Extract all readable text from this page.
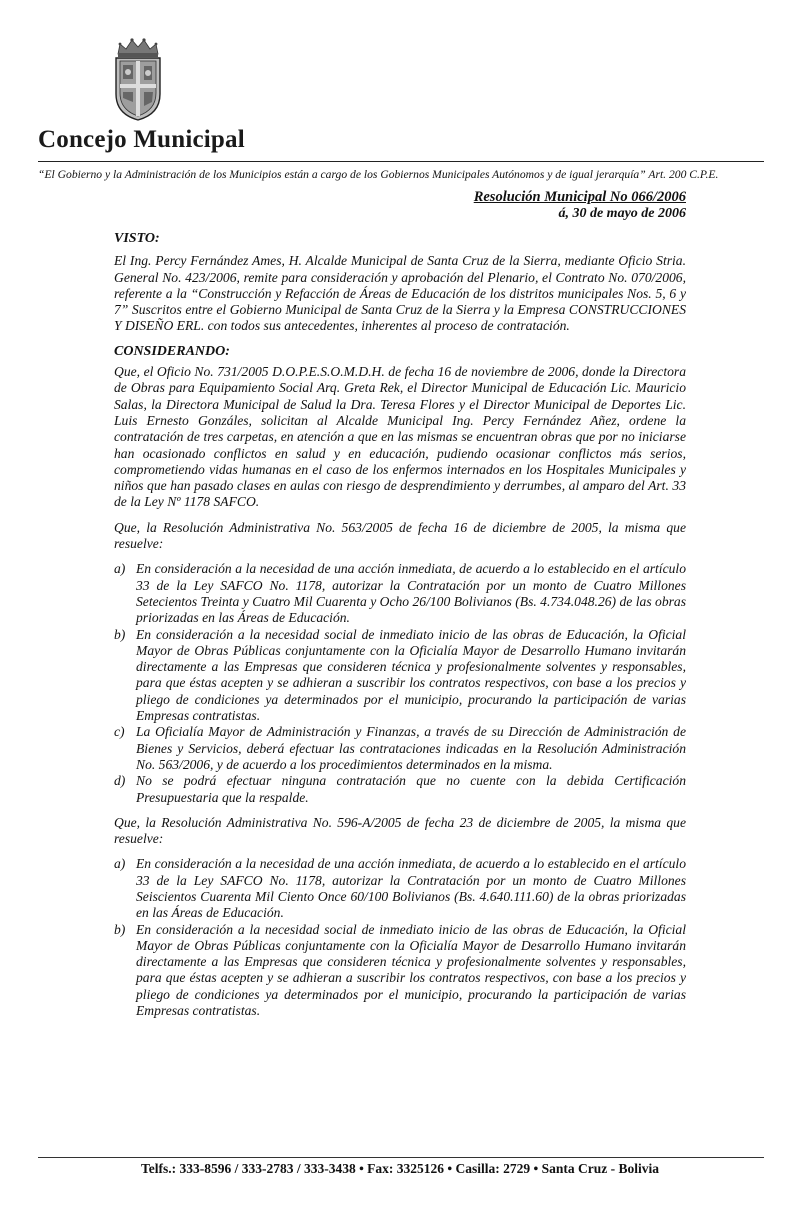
Concejo Municipal
“El Gobierno y la Administración de los Municipios están a cargo de los Gobiernos Municipales Autónomos y de igual jerarquía” Art. 200 C.P.E.
Resolución Municipal No 066/2006
á, 30 de mayo de 2006
VISTO:

El Ing. Percy Fernández Ames, H. Alcalde Municipal de Santa Cruz de la Sierra, mediante Oficio Stria. General No. 423/2006, remite para consideración y aprobación del Plenario, el Contrato No. 070/2006, referente a la “Construcción y Refacción de Áreas de Educación de los distritos municipales Nos. 5, 6 y 7” Suscritos entre el Gobierno Municipal de Santa Cruz de la Sierra y la Empresa CONSTRUCCIONES Y DISEÑO ERL. con todos sus antecedentes, inherentes al proceso de contratación.

CONSIDERANDO:

Que, el Oficio No. 731/2005 D.O.P.E.S.O.M.D.H. de fecha 16 de noviembre de 2006, donde la Directora de Obras para Equipamiento Social Arq. Greta Rek, el Director Municipal de Educación Lic. Mauricio Salas, la Directora Municipal de Salud la Dra. Teresa Flores y el Director Municipal de Deportes Lic. Luis Ernesto Gonzáles, solicitan al Alcalde Municipal Ing. Percy Fernández Añez, ordene la contratación de tres carpetas, en atención a que en las mismas se encuentran obras que por no iniciarse han ocasionado conflictos en salud y en educación, pudiendo ocasionar conflictos más serios, comprometiendo vidas humanas en el caso de los enfermos internados en los Hospitales Municipales y niños que han pasado clases en aulas con riesgo de desprendimiento y derrumbes, al amparo del Art. 33 de la Ley Nº 1178 SAFCO.

Que, la Resolución Administrativa No. 563/2005 de fecha 16 de diciembre de 2005, la misma que resuelve:

a) En consideración a la necesidad de una acción inmediata, de acuerdo a lo establecido en el artículo 33 de la Ley SAFCO No. 1178, autorizar la Contratación por un monto de Cuatro Millones Setecientos Treinta y Cuatro Mil Cuarenta y Ocho 26/100 Bolivianos (Bs. 4.734.048.26) de las obras priorizadas en las Áreas de Educación.
b) En consideración a la necesidad social de inmediato inicio de las obras de Educación, la Oficial Mayor de Obras Públicas conjuntamente con la Oficialía Mayor de Desarrollo Humano invitarán directamente a las Empresas que consideren técnica y profesionalmente solventes y responsables, para que éstas acepten y se adhieran a suscribir los contratos respectivos, con base a los precios y pliego de condiciones ya determinados por el municipio, procurando la participación de varias Empresas contratistas.
c) La Oficialía Mayor de Administración y Finanzas, a través de su Dirección de Administración de Bienes y Servicios, deberá efectuar las contrataciones indicadas en la Resolución Administración No. 563/2006, y de acuerdo a los procedimientos determinados en la misma.
d) No se podrá efectuar ninguna contratación que no cuente con la debida Certificación Presupuestaria que la respalde.

Que, la Resolución Administrativa No. 596-A/2005 de fecha 23 de diciembre de 2005, la misma que resuelve:

a) En consideración a la necesidad de una acción inmediata, de acuerdo a lo establecido en el artículo 33 de la Ley SAFCO No. 1178, autorizar la Contratación por un monto de Cuatro Millones Seiscientos Cuarenta Mil Ciento Once 60/100 Bolivianos (Bs. 4.640.111.60) de la obras priorizadas en las Áreas de Educación.
b) En consideración a la necesidad social de inmediato inicio de las obras de Educación, la Oficial Mayor de Obras Públicas conjuntamente con la Oficialía Mayor de Desarrollo Humano invitarán directamente a las Empresas que consideren técnica y profesionalmente solventes y responsables, para que éstas acepten y se adhieran a suscribir los contratos respectivos, con base a los precios y pliego de condiciones ya determinados por el municipio, procurando la participación de varias Empresas contratistas.
Telfs.: 333-8596 / 333-2783 / 333-3438 • Fax: 3325126 • Casilla: 2729 • Santa Cruz - Bolivia
